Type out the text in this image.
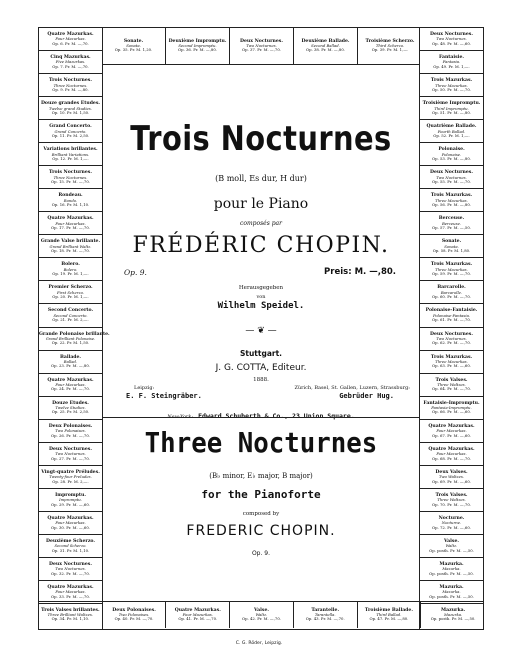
Quatre Mazurkas.
Four Mazurkas.
Op. 6. Pr. M. —,70.
Cinq Mazurkas.
Five Mazurkas.
Op. 7. Pr. M. —,70.
Trois Nocturnes.
Three Nocturnes.
Op. 9. Pr. M. —,80.
Douze grandes Etudes.
Twelve grand Studies.
Op. 10. Pr. M. 1,50.
Grand Concerto.
Grand Concerto.
Op. 11. Pr. M. 2,50.
Variations brillantes.
Brilliant Variations.
Op. 12. Pr. M. 1,—.
Trois Nocturnes.
Three Nocturnes.
Op. 15. Pr. M. —,70.
Rondeau.
Rondo.
Op. 16. Pr. M. 1,10.
Quatre Mazurkas.
Four Mazurkas.
Op. 17. Pr. M. —,70.
Grande Valse brillante.
Grand Brilliant Waltz.
Op. 18. Pr. M. —,70.
Bolero.
Bolero.
Op. 19. Pr. M. 1,—.
Premier Scherzo.
First Scherzo.
Op. 20. Pr. M. 1,—.
Second Concerto.
Second Concerto.
Op. 21. Pr. M. 2,—.
Grande Polonaise brillante.
Grand Brilliant Polonaise.
Op. 22. Pr. M. 1,50.
Ballade.
Ballad.
Op. 23. Pr. M. —,80.
Quatre Mazurkas.
Four Mazurkas.
Op. 24. Pr. M. —,70.
Douze Etudes.
Twelve Studies.
Op. 25. Pr. M. 2,50.
Deux Polonaises.
Two Polonaises.
Op. 26. Pr. M. —,70.
Deux Nocturnes.
Two Nocturnes.
Op. 27. Pr. M. —,70.
Vingt-quatre Préludes.
Twenty-four Preludes.
Op. 28. Pr. M. 2,—.
Impromptu.
Impromptu.
Op. 29. Pr. M. —,60.
Quatre Mazurkas.
Four Mazurkas.
Op. 30. Pr. M. —,60.
Deuxième Scherzo.
Second Scherzo.
Op. 31. Pr. M. 1,10.
Deux Nocturnes.
Two Nocturnes.
Op. 32. Pr. M. —,70.
Quatre Mazurkas.
Four Mazurkas.
Op. 33. Pr. M. —,70.
Deux Nocturnes.
Two Nocturnes.
Op. 48. Pr. M. —,60.
Fantaisie.
Fantasia.
Op. 49. Pr. M. 1,—.
Trois Mazurkas.
Three Mazurkas.
Op. 50. Pr. M. —,70.
Troisième Impromptu.
Third Impromptu.
Op. 51. Pr. M. —,80.
Quatrième Ballade.
Fourth Ballad.
Op. 52. Pr. M. 1,—.
Polonaise.
Polonaise.
Op. 53. Pr. M. —,80.
Deux Nocturnes.
Two Nocturnes.
Op. 55. Pr. M. —,70.
Trois Mazurkas.
Three Mazurkas.
Op. 56. Pr. M. —,80.
Berceuse.
Berceuse.
Op. 57. Pr. M. —,50.
Sonate.
Sonata.
Op. 58. Pr. M. 1,80.
Trois Mazurkas.
Three Mazurkas.
Op. 59. Pr. M. —,70.
Barcarolle.
Barcarolle.
Op. 60. Pr. M. —,70.
Polonaise-Fantaisie.
Polonaise-Fantasia.
Op. 61. Pr. M. —,70.
Deux Nocturnes.
Two Nocturnes.
Op. 62. Pr. M. —,70.
Trois Mazurkas.
Three Mazurkas.
Op. 63. Pr. M. —,60.
Trois Valses.
Three Waltzes.
Op. 64. Pr. M. —,70.
Fantaisie-Impromptu.
Fantasia-Impromptu.
Op. 66. Pr. M. —,60.
Quatre Mazurkas.
Four Mazurkas.
Op. 67. Pr. M. —,60.
Quatre Mazurkas.
Four Mazurkas.
Op. 68. Pr. M. —,70.
Deux Valses.
Two Waltzes.
Op. 69. Pr. M. —,60.
Trois Valses.
Three Waltzes.
Op. 70. Pr. M. —,70.
Nocturne.
Nocturne.
Op. 72. Pr. M. —,60.
Valse.
Waltz.
Op. posth. Pr. M. —,50.
Mazurka.
Mazurka.
Op. posth. Pr. M. —,50.
Mazurka.
Mazurka.
Op. posth. Pr. M. —,50.
Sonate.
Sonata.
Op. 35. Pr. M. 1,20.
Deuxième Impromptu.
Second Impromptu.
Op. 36. Pr. M. —,80.
Deux Nocturnes.
Two Nocturnes.
Op. 37. Pr. M. —,70.
Deuxième Ballade.
Second Ballad.
Op. 38. Pr. M. —,80.
Troisième Scherzo.
Third Scherzo.
Op. 39. Pr. M. 1,—.
Trois Valses brillantes.
Three Brilliant Waltzes.
Op. 34. Pr. M. 1,10.
Deux Polonaises.
Two Polonaises.
Op. 40. Pr. M. —,70.
Quatre Mazurkas.
Four Mazurkas.
Op. 41. Pr. M. —,70.
Valse.
Waltz.
Op. 42. Pr. M. —,70.
Tarantelle.
Tarantella.
Op. 43. Pr. M. —,70.
Troisième Ballade.
Third Ballad.
Op. 47. Pr. M. —,80.
Mazurka.
Mazurka.
Op. posth. Pr. M. —,50.
Trois Nocturnes
(B moll, Es dur, H dur)
pour le Piano
composés par
FRÉDÉRIC CHOPIN.
Op. 9.	Preis: M. —,80.
Herausgegeben
von
Wilhelm Speidel.
— ❦ —
Stuttgart.
J. G. COTTA, Editeur.
1888.
Leipzig:
E. F. Steingräber.
Zürich, Basel, St. Gallen, Luzern, Strassburg:
Gebrüder Hug.
New-York: Edward Schuberth & Co., 23 Union Square.
Three Nocturnes
(B♭ minor, E♭ major, B major)
for the Pianoforte
composed by
FREDERIC CHOPIN.
Op. 9.
C. G. Röder, Leipzig.
